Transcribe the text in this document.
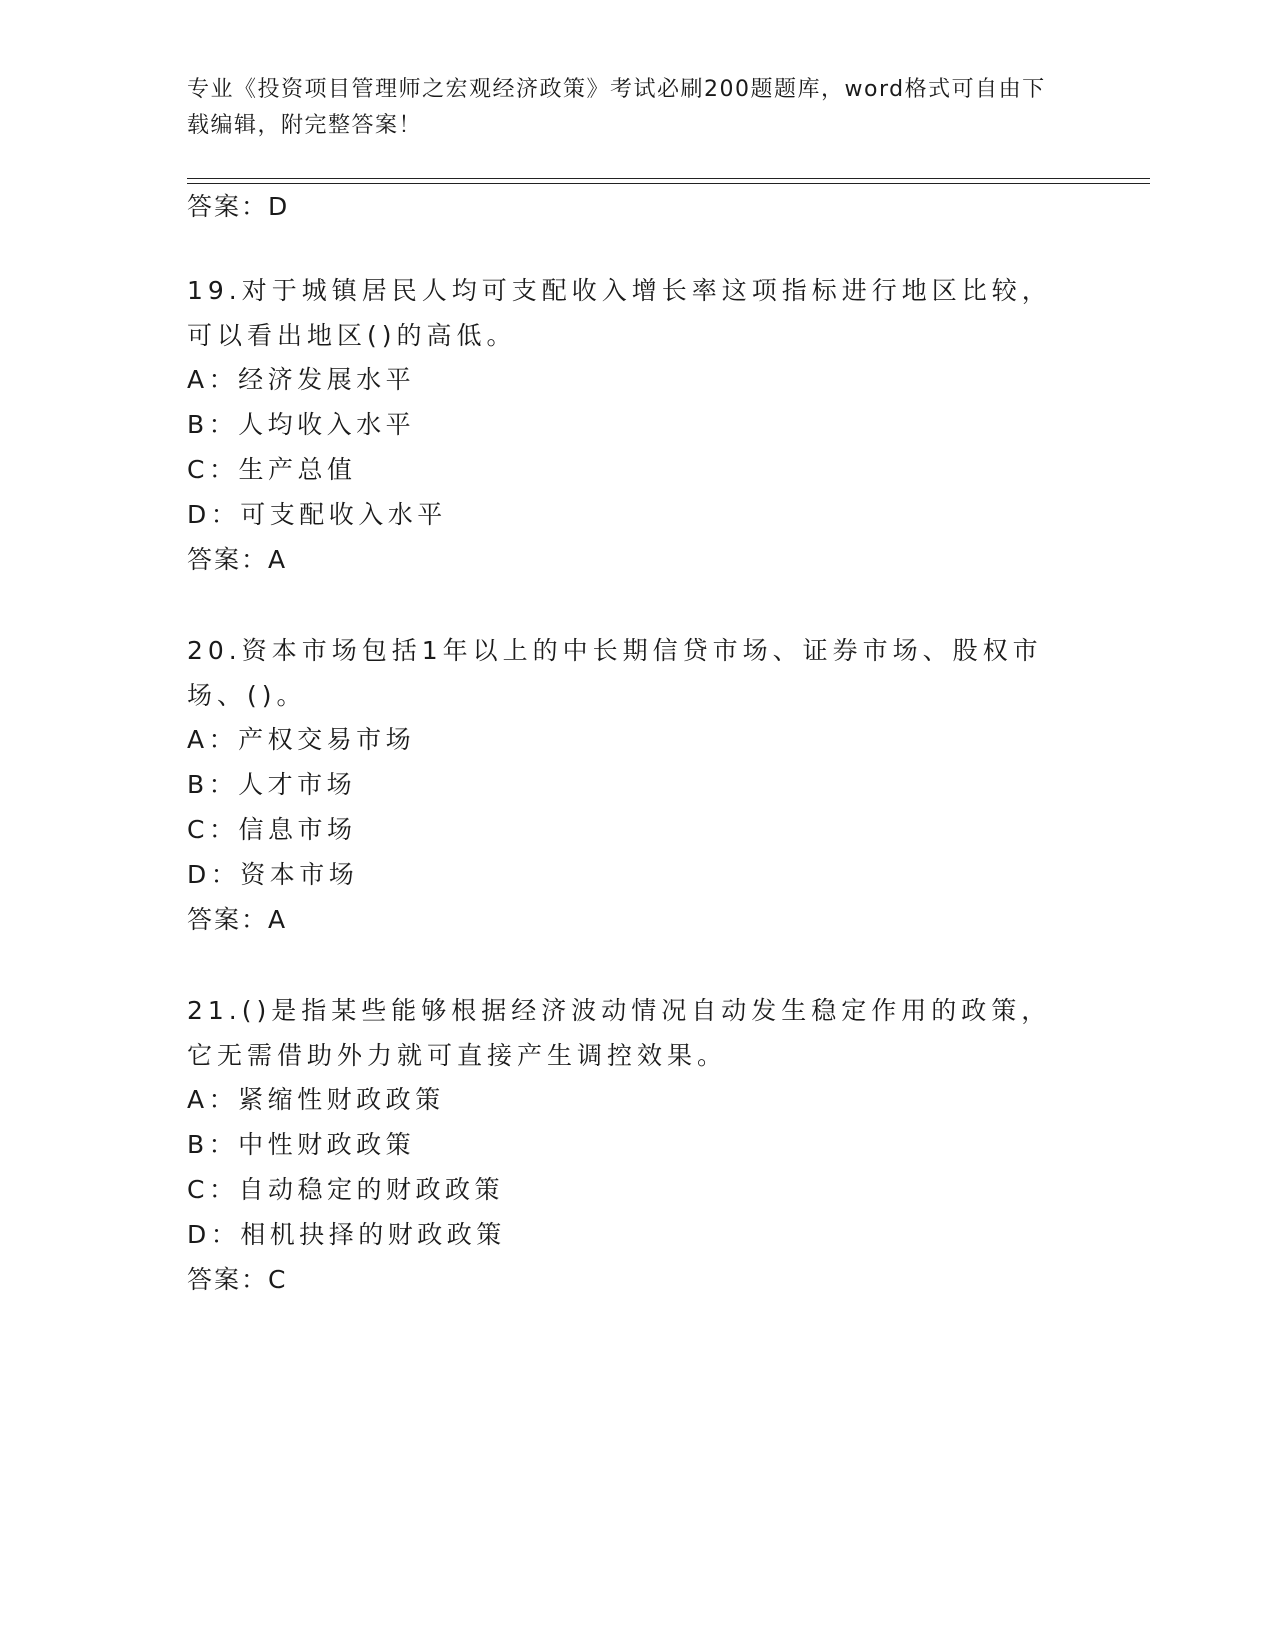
专业《投资项目管理师之宏观经济政策》考试必刷200题题库，word格式可自由下载编辑，附完整答案！
答案：D
19.对于城镇居民人均可支配收入增长率这项指标进行地区比较，可以看出地区()的高低。
A：经济发展水平
B：人均收入水平
C：生产总值
D：可支配收入水平
答案：A
20.资本市场包括1年以上的中长期信贷市场、证券市场、股权市场、()。
A：产权交易市场
B：人才市场
C：信息市场
D：资本市场
答案：A
21.()是指某些能够根据经济波动情况自动发生稳定作用的政策，它无需借助外力就可直接产生调控效果。
A：紧缩性财政政策
B：中性财政政策
C：自动稳定的财政政策
D：相机抉择的财政政策
答案：C
